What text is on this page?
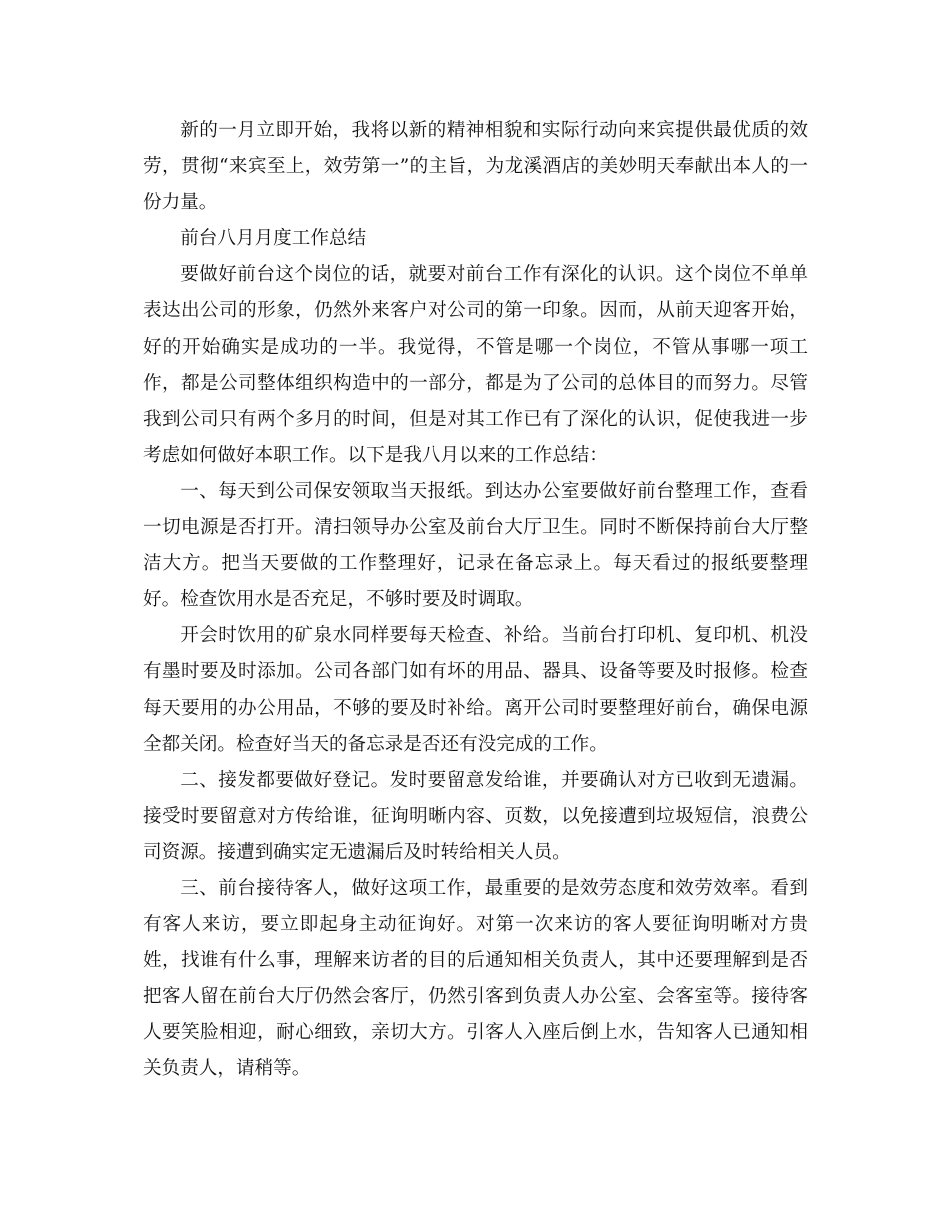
新的一月立即开始，我将以新的精神相貌和实际行动向来宾提供最优质的效劳，贯彻“来宾至上，效劳第一”的主旨，为龙溪酒店的美妙明天奉献出本人的一份力量。

前台八月月度工作总结

要做好前台这个岗位的话，就要对前台工作有深化的认识。这个岗位不单单表达出公司的形象，仍然外来客户对公司的第一印象。因而，从前天迎客开始，好的开始确实是成功的一半。我觉得，不管是哪一个岗位，不管从事哪一项工作，都是公司整体组织构造中的一部分，都是为了公司的总体目的而努力。尽管我到公司只有两个多月的时间，但是对其工作已有了深化的认识，促使我进一步考虑如何做好本职工作。以下是我八月以来的工作总结：

一、每天到公司保安领取当天报纸。到达办公室要做好前台整理工作，查看一切电源是否打开。清扫领导办公室及前台大厅卫生。同时不断保持前台大厅整洁大方。把当天要做的工作整理好，记录在备忘录上。每天看过的报纸要整理好。检查饮用水是否充足，不够时要及时调取。

开会时饮用的矿泉水同样要每天检查、补给。当前台打印机、复印机、机没有墨时要及时添加。公司各部门如有坏的用品、器具、设备等要及时报修。检查每天要用的办公用品，不够的要及时补给。离开公司时要整理好前台，确保电源全都关闭。检查好当天的备忘录是否还有没完成的工作。

二、接发都要做好登记。发时要留意发给谁，并要确认对方已收到无遗漏。接受时要留意对方传给谁，征询明晰内容、页数，以免接遭到垃圾短信，浪费公司资源。接遭到确实定无遗漏后及时转给相关人员。

三、前台接待客人，做好这项工作，最重要的是效劳态度和效劳效率。看到有客人来访，要立即起身主动征询好。对第一次来访的客人要征询明晰对方贵姓，找谁有什么事，理解来访者的目的后通知相关负责人，其中还要理解到是否把客人留在前台大厅仍然会客厅，仍然引客到负责人办公室、会客室等。接待客人要笑脸相迎，耐心细致，亲切大方。引客人入座后倒上水，告知客人已通知相关负责人，请稍等。
